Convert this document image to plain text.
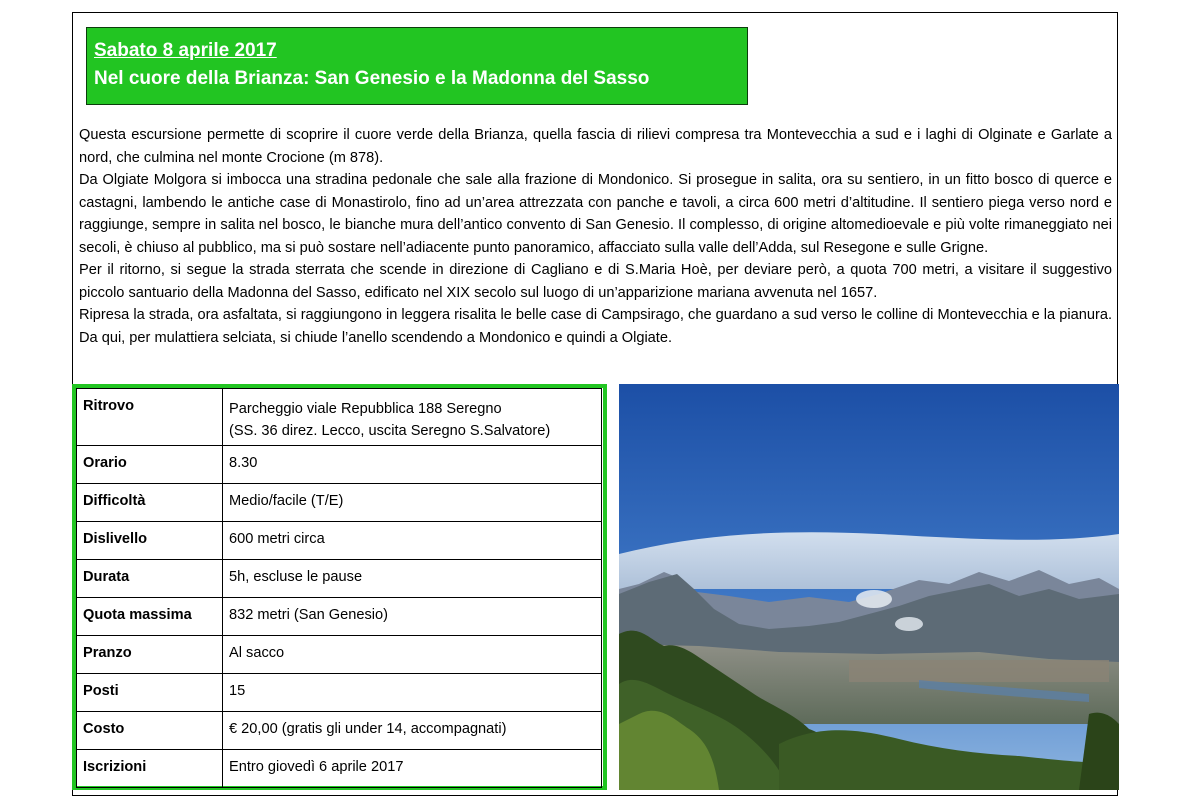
Sabato 8 aprile 2017
Nel cuore della Brianza: San Genesio e la Madonna del Sasso

Questa escursione permette di scoprire il cuore verde della Brianza, quella fascia di rilievi compresa tra Montevecchia a sud e i laghi di Olginate e Garlate a nord, che culmina nel monte Crocione (m 878).

Da Olgiate Molgora si imbocca una stradina pedonale che sale alla frazione di Mondonico. Si prosegue in salita, ora su sentiero, in un fitto bosco di querce e castagni, lambendo le antiche case di Monastirolo, fino ad un’area attrezzata con panche e tavoli, a circa 600 metri d’altitudine. Il sentiero piega verso nord e raggiunge, sempre in salita nel bosco, le bianche mura dell’antico convento di San Genesio. Il complesso, di origine altomedioevale e più volte rimaneggiato nei secoli, è chiuso al pubblico, ma si può sostare nell’adiacente punto panoramico, affacciato sulla valle dell’Adda, sul Resegone e sulle Grigne.

Per il ritorno, si segue la strada sterrata che scende in direzione di Cagliano e di S.Maria Hoè, per deviare però, a quota 700 metri, a visitare il suggestivo piccolo santuario della Madonna del Sasso, edificato nel XIX secolo sul luogo di un’apparizione mariana avvenuta nel 1657.

Ripresa la strada, ora asfaltata, si raggiungono in leggera risalita le belle case di Campsirago, che guardano a sud verso le colline di Montevecchia e la pianura. Da qui, per mulattiera selciata, si chiude l’anello scendendo a Mondonico e quindi a Olgiate.

Ritrovo	Parcheggio viale Repubblica 188 Seregno
(SS. 36 direz. Lecco, uscita Seregno S.Salvatore)

Orario	8.30
Difficoltà	Medio/facile (T/E)
Dislivello	600 metri circa
Durata	5h, escluse le pause
Quota massima	832 metri (San Genesio)
Pranzo	Al sacco
Posti	15
Costo	€ 20,00 (gratis gli under 14, accompagnati)
Iscrizioni	Entro giovedì 6 aprile 2017
